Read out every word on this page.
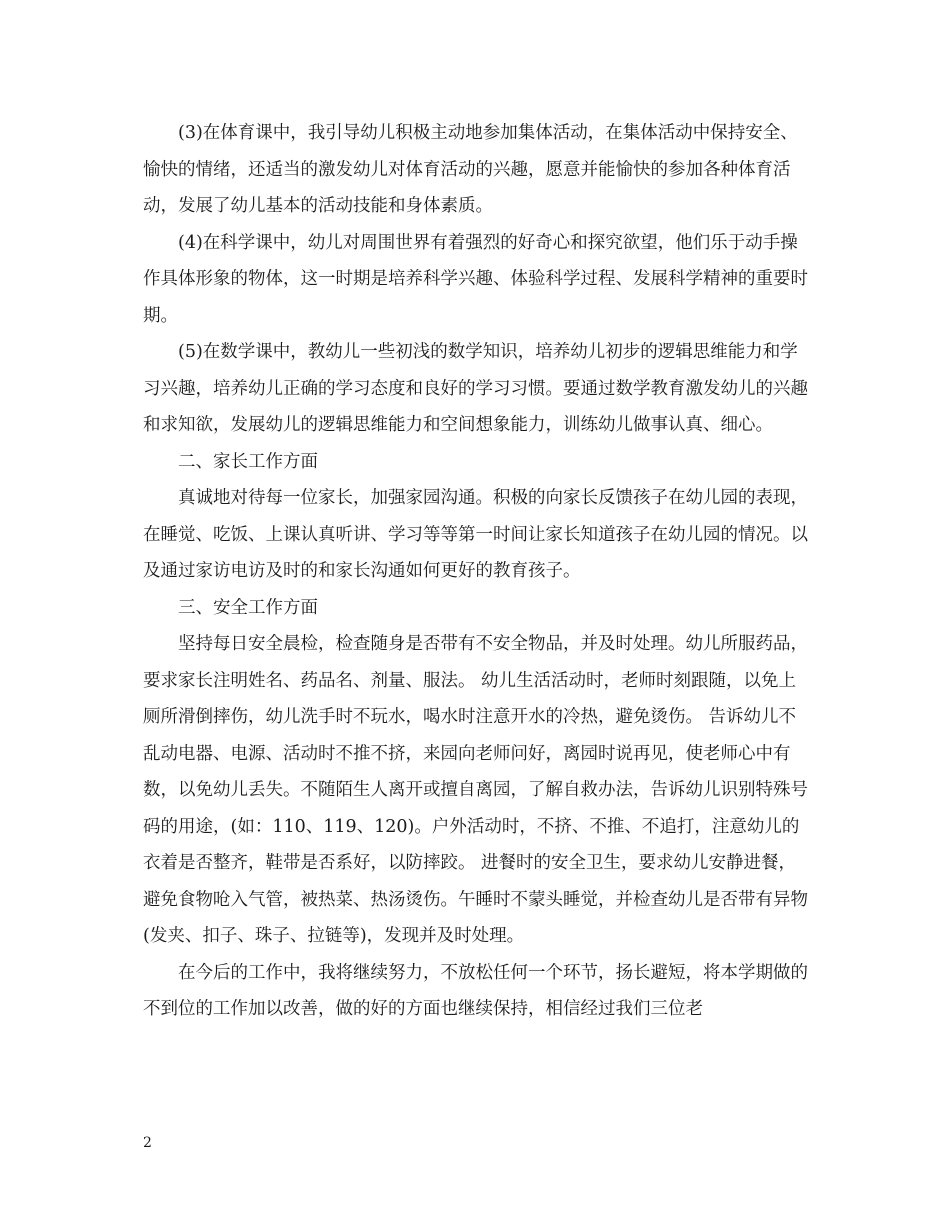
(3)在体育课中，我引导幼儿积极主动地参加集体活动，在集体活动中保持安全、愉快的情绪，还适当的激发幼儿对体育活动的兴趣，愿意并能愉快的参加各种体育活动，发展了幼儿基本的活动技能和身体素质。

(4)在科学课中，幼儿对周围世界有着强烈的好奇心和探究欲望，他们乐于动手操作具体形象的物体，这一时期是培养科学兴趣、体验科学过程、发展科学精神的重要时期。

(5)在数学课中，教幼儿一些初浅的数学知识，培养幼儿初步的逻辑思维能力和学习兴趣，培养幼儿正确的学习态度和良好的学习习惯。要通过数学教育激发幼儿的兴趣和求知欲，发展幼儿的逻辑思维能力和空间想象能力，训练幼儿做事认真、细心。

二、家长工作方面

真诚地对待每一位家长，加强家园沟通。积极的向家长反馈孩子在幼儿园的表现，在睡觉、吃饭、上课认真听讲、学习等等第一时间让家长知道孩子在幼儿园的情况。以及通过家访电访及时的和家长沟通如何更好的教育孩子。

三、安全工作方面

坚持每日安全晨检，检查随身是否带有不安全物品，并及时处理。幼儿所服药品，要求家长注明姓名、药品名、剂量、服法。 幼儿生活活动时，老师时刻跟随，以免上厕所滑倒摔伤，幼儿洗手时不玩水，喝水时注意开水的冷热，避免烫伤。 告诉幼儿不乱动电器、电源、活动时不推不挤，来园向老师问好，离园时说再见，使老师心中有数，以免幼儿丢失。不随陌生人离开或擅自离园，了解自救办法，告诉幼儿识别特殊号码的用途，(如：110、119、120)。户外活动时，不挤、不推、不追打，注意幼儿的衣着是否整齐，鞋带是否系好，以防摔跤。 进餐时的安全卫生，要求幼儿安静进餐，避免食物呛入气管，被热菜、热汤烫伤。午睡时不蒙头睡觉，并检查幼儿是否带有异物(发夹、扣子、珠子、拉链等)，发现并及时处理。

在今后的工作中，我将继续努力，不放松任何一个环节，扬长避短，将本学期做的不到位的工作加以改善，做的好的方面也继续保持，相信经过我们三位老

2
